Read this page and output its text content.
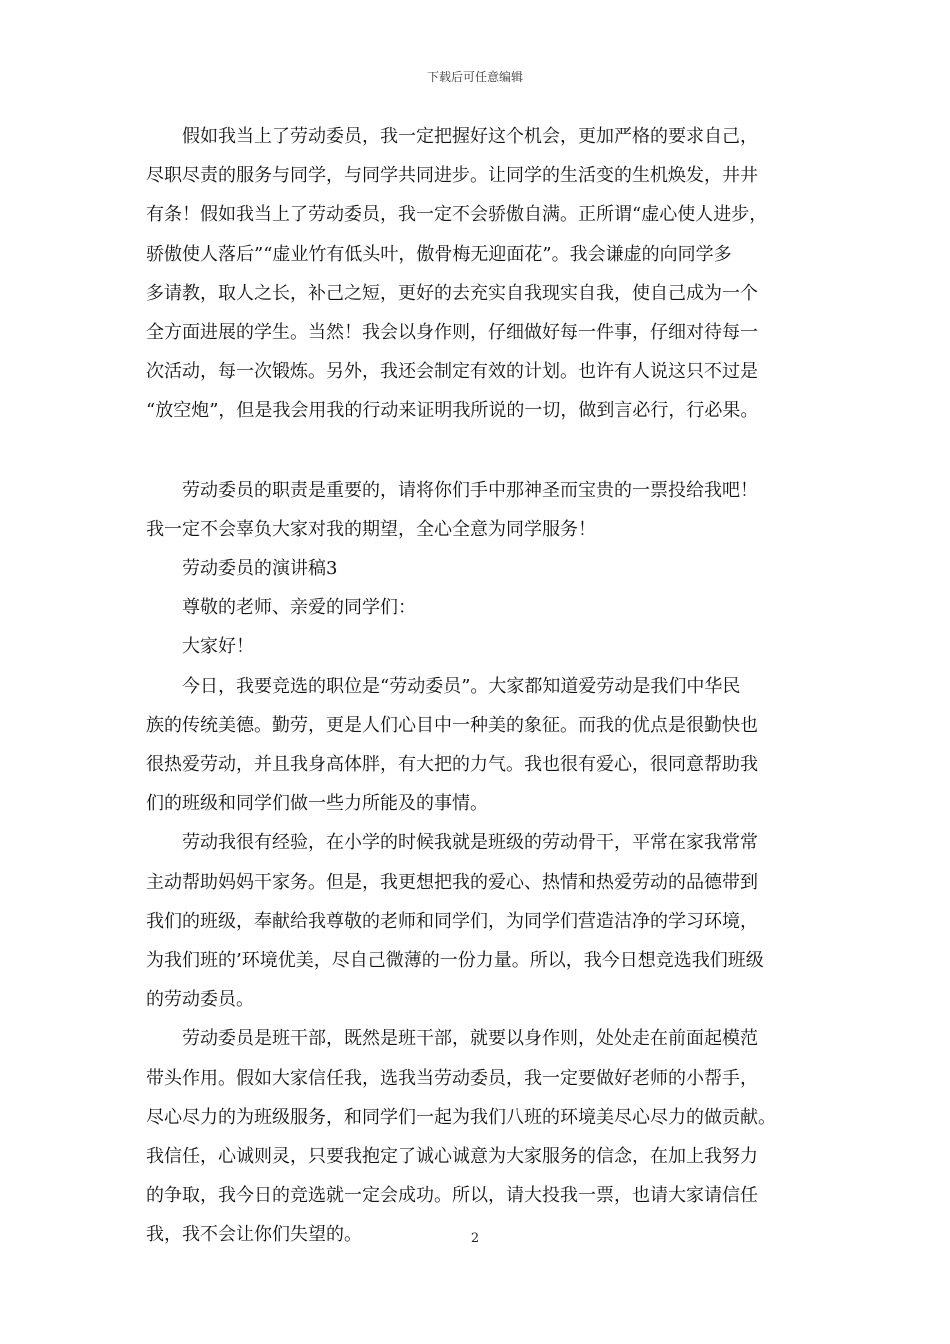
下载后可任意编辑

　　假如我当上了劳动委员，我一定把握好这个机会，更加严格的要求自己，
尽职尽责的服务与同学，与同学共同进步。让同学的生活变的生机焕发，井井
有条！假如我当上了劳动委员，我一定不会骄傲自满。正所谓“虚心使人进步，
骄傲使人落后”“虚业竹有低头叶，傲骨梅无迎面花”。我会谦虚的向同学多
多请教，取人之长，补己之短，更好的去充实自我现实自我，使自己成为一个
全方面进展的学生。当然！我会以身作则，仔细做好每一件事，仔细对待每一
次活动，每一次锻炼。另外，我还会制定有效的计划。也许有人说这只不过是
“放空炮”，但是我会用我的行动来证明我所说的一切，做到言必行，行必果。

　　劳动委员的职责是重要的，请将你们手中那神圣而宝贵的一票投给我吧！
我一定不会辜负大家对我的期望，全心全意为同学服务！

　　劳动委员的演讲稿3

　　尊敬的老师、亲爱的同学们：

　　大家好！

　　今日，我要竞选的职位是“劳动委员”。大家都知道爱劳动是我们中华民
族的传统美德。勤劳，更是人们心目中一种美的象征。而我的优点是很勤快也
很热爱劳动，并且我身高体胖，有大把的力气。我也很有爱心，很同意帮助我
们的班级和同学们做一些力所能及的事情。

　　劳动我很有经验，在小学的时候我就是班级的劳动骨干，平常在家我常常
主动帮助妈妈干家务。但是，我更想把我的爱心、热情和热爱劳动的品德带到
我们的班级，奉献给我尊敬的老师和同学们，为同学们营造洁净的学习环境，
为我们班的’环境优美，尽自己微薄的一份力量。所以，我今日想竞选我们班级
的劳动委员。

　　劳动委员是班干部，既然是班干部，就要以身作则，处处走在前面起模范
带头作用。假如大家信任我，选我当劳动委员，我一定要做好老师的小帮手，
尽心尽力的为班级服务，和同学们一起为我们八班的环境美尽心尽力的做贡献。
我信任，心诚则灵，只要我抱定了诚心诚意为大家服务的信念，在加上我努力
的争取，我今日的竞选就一定会成功。所以，请大投我一票，也请大家请信任
我，我不会让你们失望的。	2
